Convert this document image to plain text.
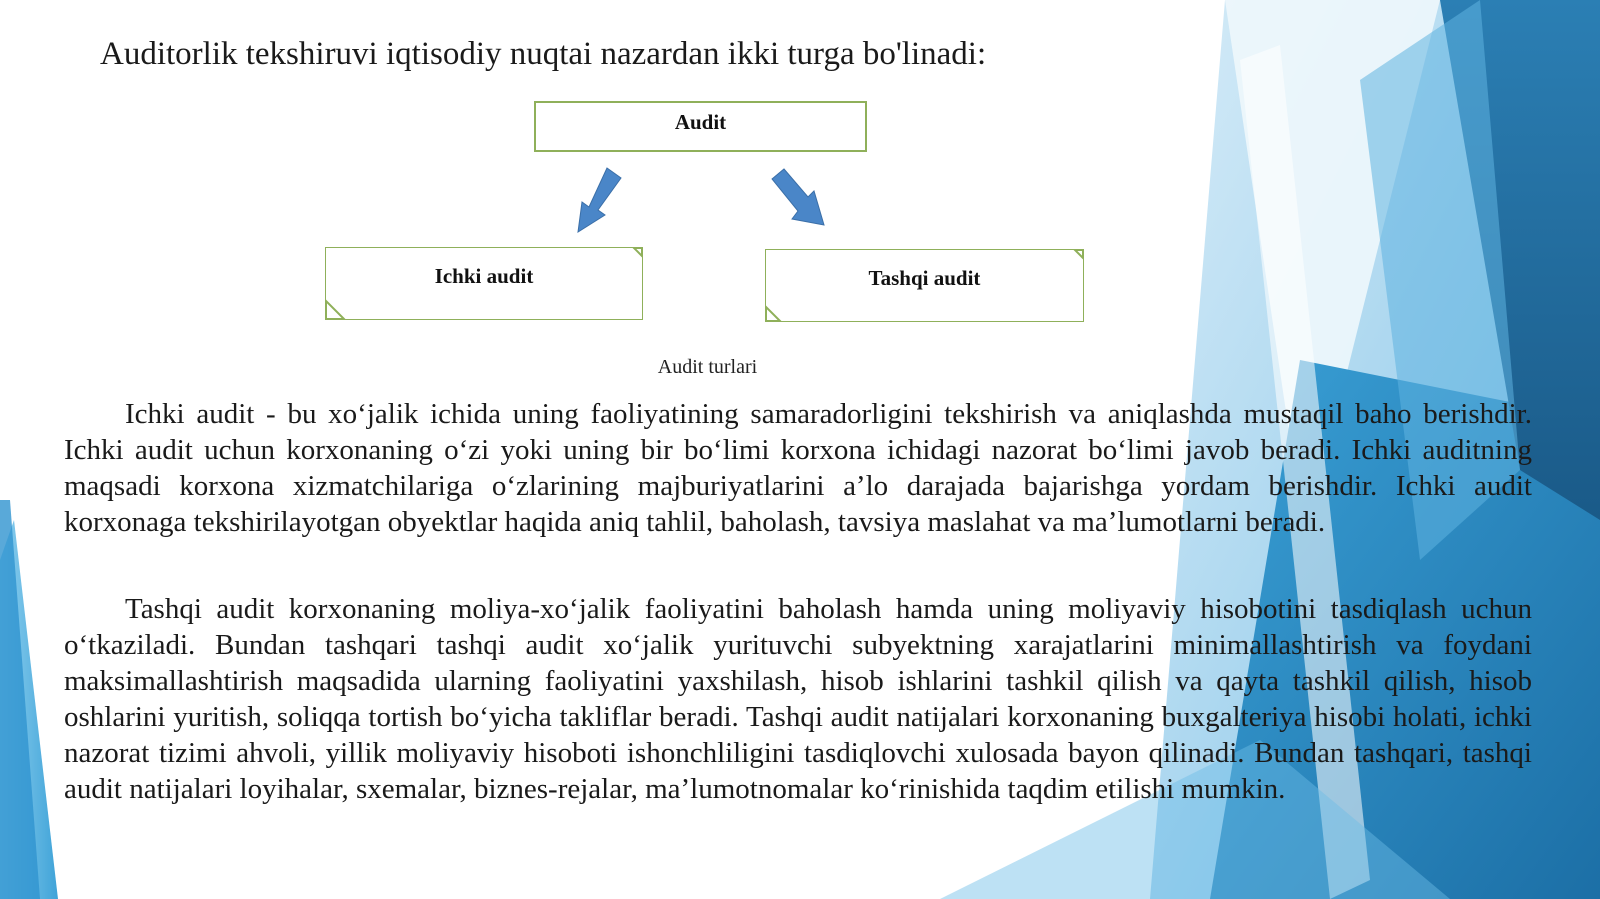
Auditorlik tekshiruvi iqtisodiy nuqtai nazardan ikki turga bo'linadi:
Audit
Ichki audit	Tashqi audit
Audit turlari

Ichki audit - bu xo‘jalik ichida uning faoliyatining samaradorligini tekshirish va aniqlashda mustaqil baho berishdir. Ichki audit uchun korxonaning o‘zi yoki uning bir bo‘limi korxona ichidagi nazorat bo‘limi javob beradi. Ichki auditning maqsadi korxona xizmatchilariga o‘zlarining majburiyatlarini a’lo darajada bajarishga yordam berishdir. Ichki audit korxonaga tekshirilayotgan obyektlar haqida aniq tahlil, baholash, tavsiya maslahat va ma’lumotlarni beradi.

Tashqi audit korxonaning moliya-xo‘jalik faoliyatini baholash hamda uning moliyaviy hisobotini tasdiqlash uchun o‘tkaziladi. Bundan tashqari tashqi audit xo‘jalik yurituvchi subyektning xarajatlarini minimallashtirish va foydani maksimallashtirish maqsadida ularning faoliyatini yaxshilash, hisob ishlarini tashkil qilish va qayta tashkil qilish, hisob oshlarini yuritish, soliqqa tortish bo‘yicha takliflar beradi. Tashqi audit natijalari korxonaning buxgalteriya hisobi holati, ichki nazorat tizimi ahvoli, yillik moliyaviy hisoboti ishonchliligini tasdiqlovchi xulosada bayon qilinadi. Bundan tashqari, tashqi audit natijalari loyihalar, sxemalar, biznes-rejalar, ma’lumotnomalar ko‘rinishida taqdim etilishi mumkin.
